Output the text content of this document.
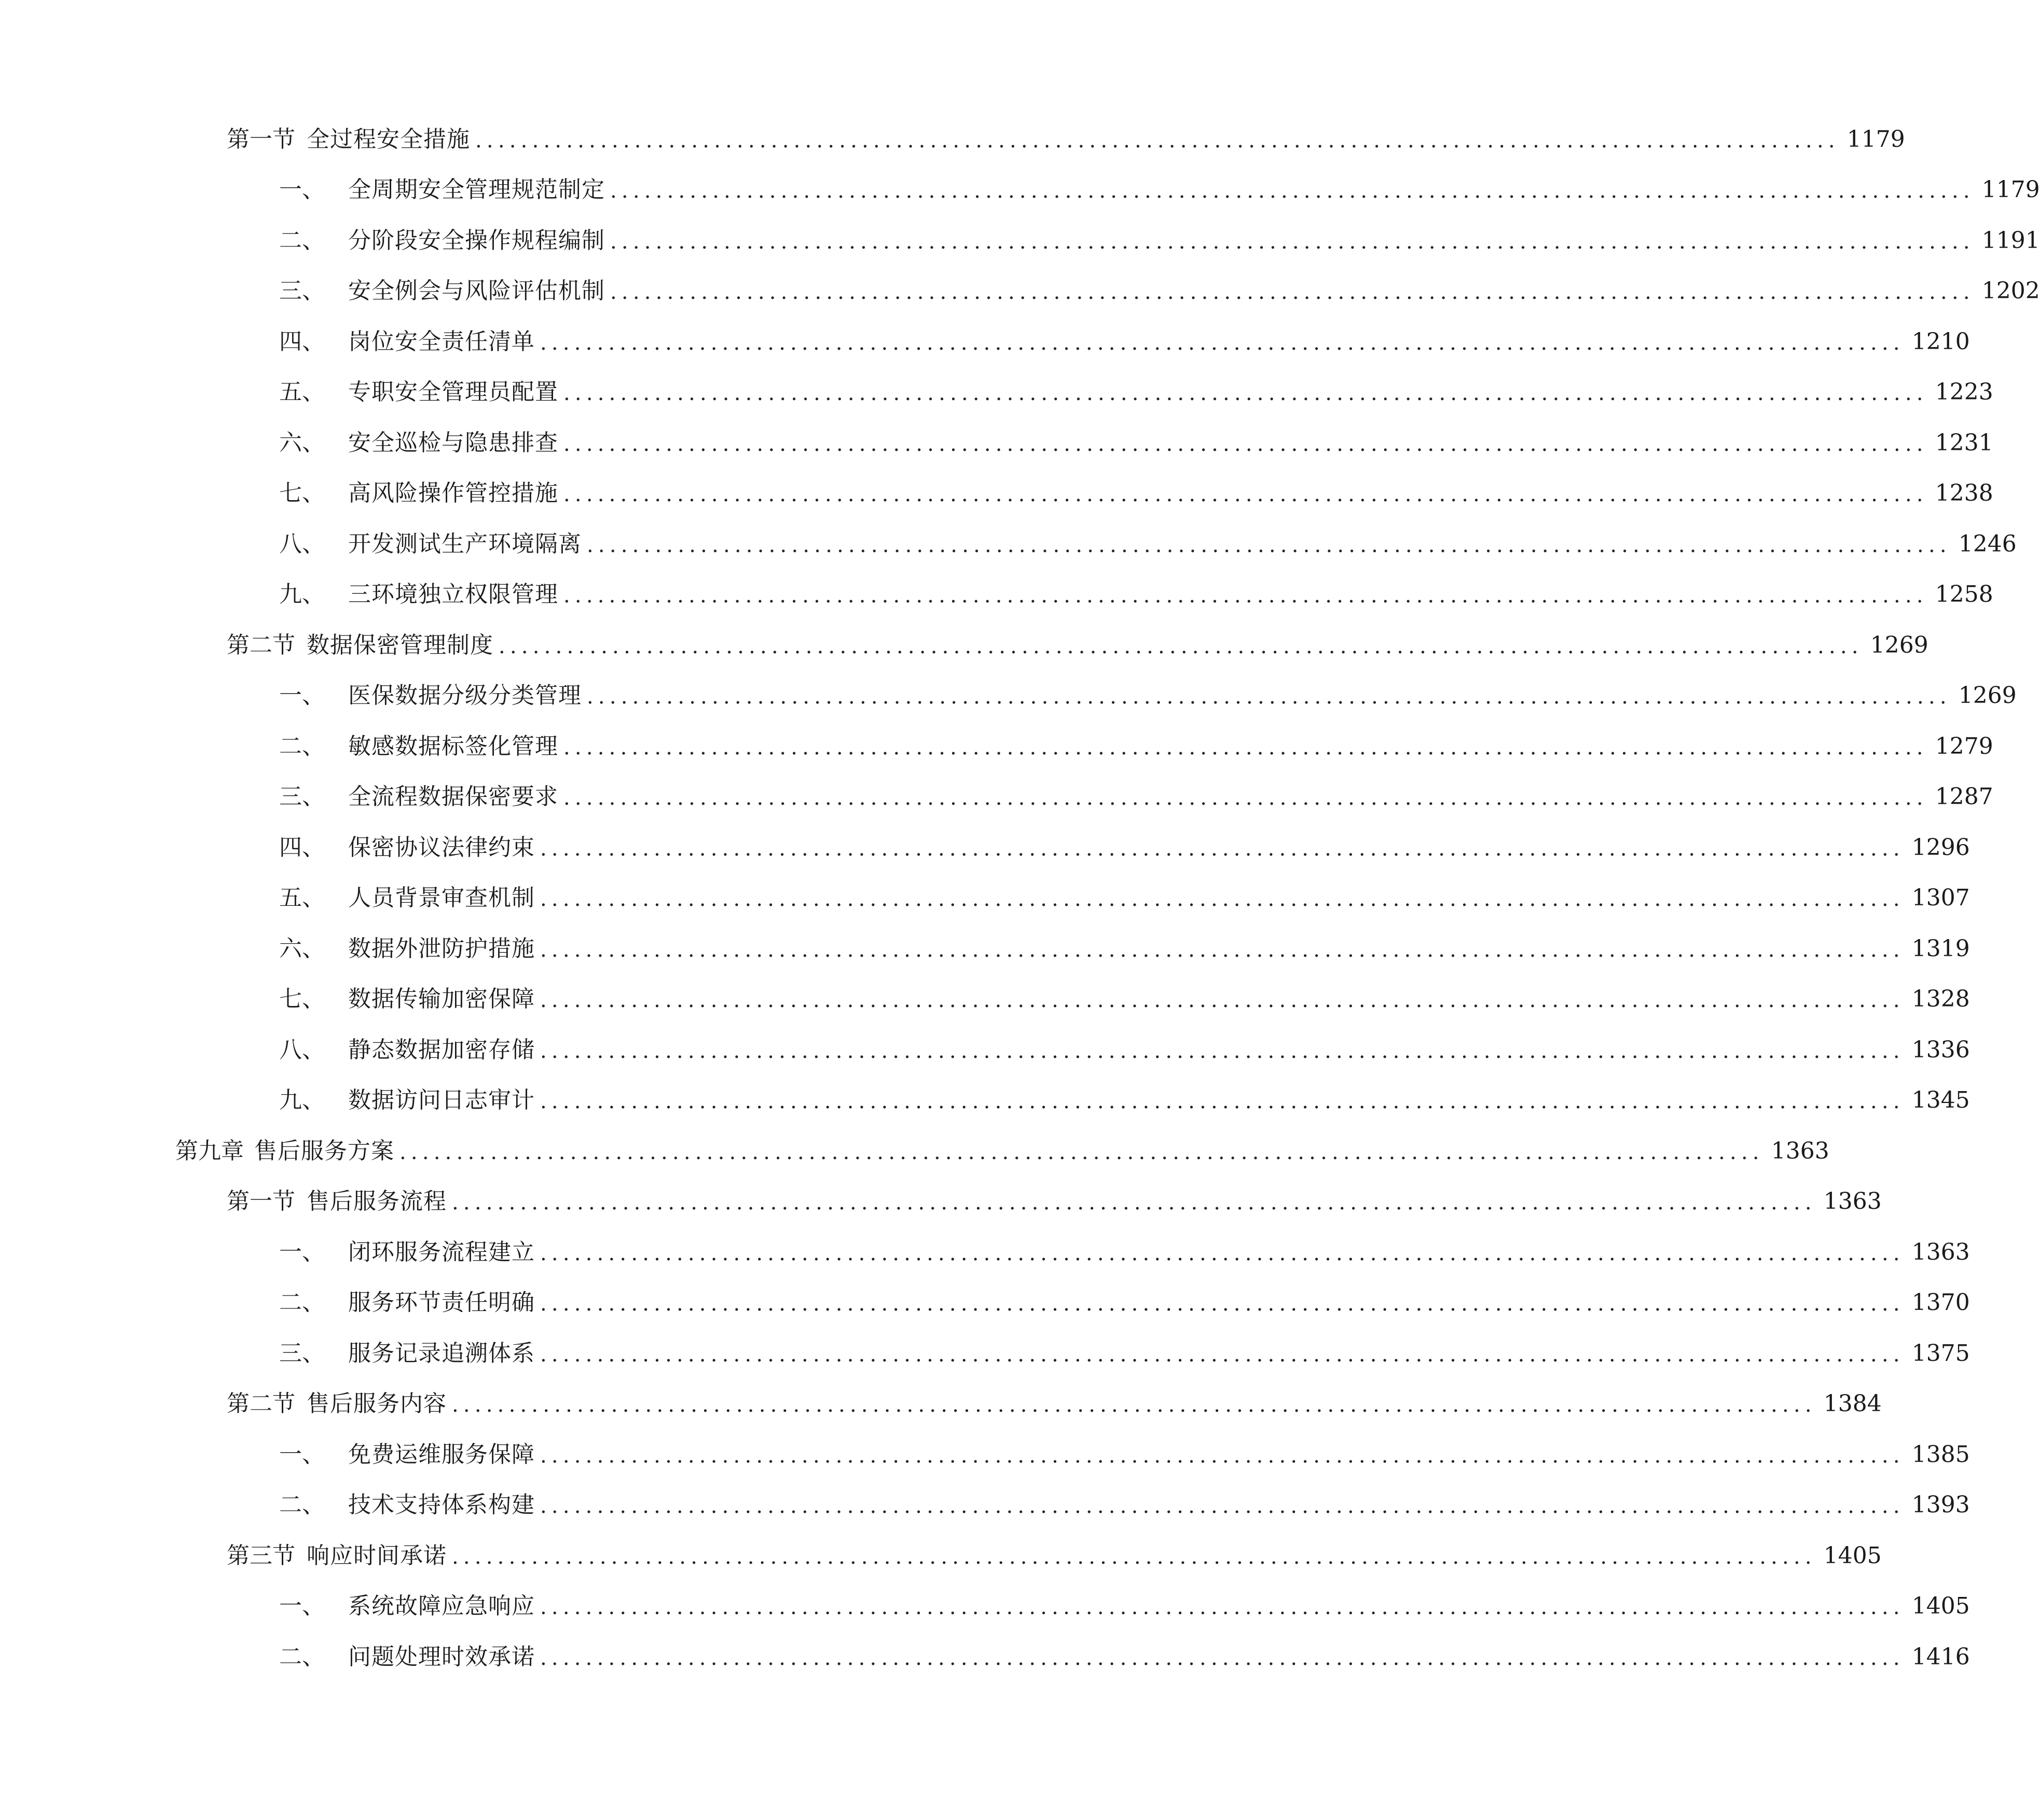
第一节 全过程安全措施 ........................................................................................................................ 1179
一、	全周期安全管理规范制定 ........................................................................................................................ 1179
二、	分阶段安全操作规程编制 ........................................................................................................................ 1191
三、	安全例会与风险评估机制 ........................................................................................................................ 1202
四、	岗位安全责任清单 ........................................................................................................................ 1210
五、	专职安全管理员配置 ........................................................................................................................ 1223
六、	安全巡检与隐患排查 ........................................................................................................................ 1231
七、	高风险操作管控措施 ........................................................................................................................ 1238
八、	开发测试生产环境隔离 ........................................................................................................................ 1246
九、	三环境独立权限管理 ........................................................................................................................ 1258
第二节 数据保密管理制度 ........................................................................................................................ 1269
一、	医保数据分级分类管理 ........................................................................................................................ 1269
二、	敏感数据标签化管理 ........................................................................................................................ 1279
三、	全流程数据保密要求 ........................................................................................................................ 1287
四、	保密协议法律约束 ........................................................................................................................ 1296
五、	人员背景审查机制 ........................................................................................................................ 1307
六、	数据外泄防护措施 ........................................................................................................................ 1319
七、	数据传输加密保障 ........................................................................................................................ 1328
八、	静态数据加密存储 ........................................................................................................................ 1336
九、	数据访问日志审计 ........................................................................................................................ 1345
第九章 售后服务方案 ........................................................................................................................ 1363
第一节 售后服务流程 ........................................................................................................................ 1363
一、	闭环服务流程建立 ........................................................................................................................ 1363
二、	服务环节责任明确 ........................................................................................................................ 1370
三、	服务记录追溯体系 ........................................................................................................................ 1375
第二节 售后服务内容 ........................................................................................................................ 1384
一、	免费运维服务保障 ........................................................................................................................ 1385
二、	技术支持体系构建 ........................................................................................................................ 1393
第三节 响应时间承诺 ........................................................................................................................ 1405
一、	系统故障应急响应 ........................................................................................................................ 1405
二、	问题处理时效承诺 ........................................................................................................................ 1416
